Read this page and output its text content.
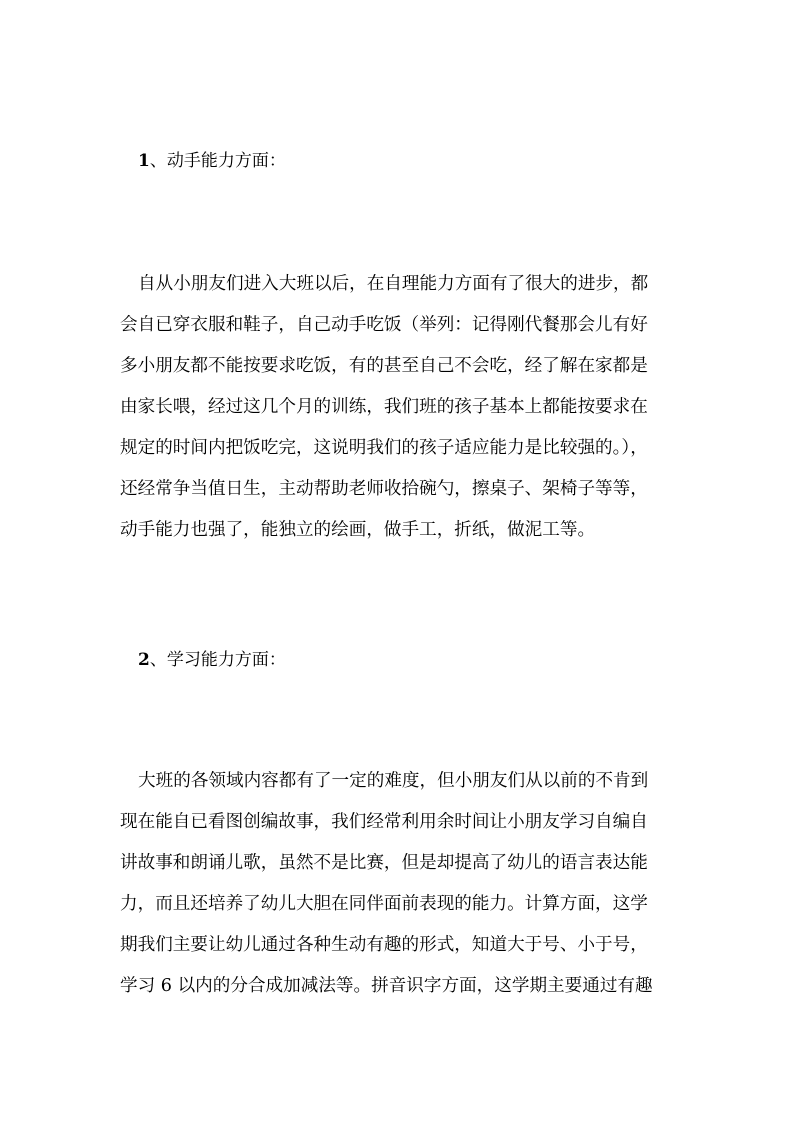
1、动手能力方面：
自从小朋友们进入大班以后，在自理能力方面有了很大的进步，都
会自已穿衣服和鞋子，自己动手吃饭（举列：记得刚代餐那会儿有好
多小朋友都不能按要求吃饭，有的甚至自己不会吃，经了解在家都是
由家长喂，经过这几个月的训练，我们班的孩子基本上都能按要求在
规定的时间内把饭吃完，这说明我们的孩子适应能力是比较强的。），
还经常争当值日生，主动帮助老师收拾碗勺，擦桌子、架椅子等等，
动手能力也强了，能独立的绘画，做手工，折纸，做泥工等。
2、学习能力方面：
大班的各领域内容都有了一定的难度，但小朋友们从以前的不肯到
现在能自已看图创编故事，我们经常利用余时间让小朋友学习自编自
讲故事和朗诵儿歌，虽然不是比赛，但是却提高了幼儿的语言表达能
力，而且还培养了幼儿大胆在同伴面前表现的能力。计算方面，这学
期我们主要让幼儿通过各种生动有趣的形式，知道大于号、小于号，
学习 6 以内的分合成加减法等。拼音识字方面，这学期主要通过有趣
